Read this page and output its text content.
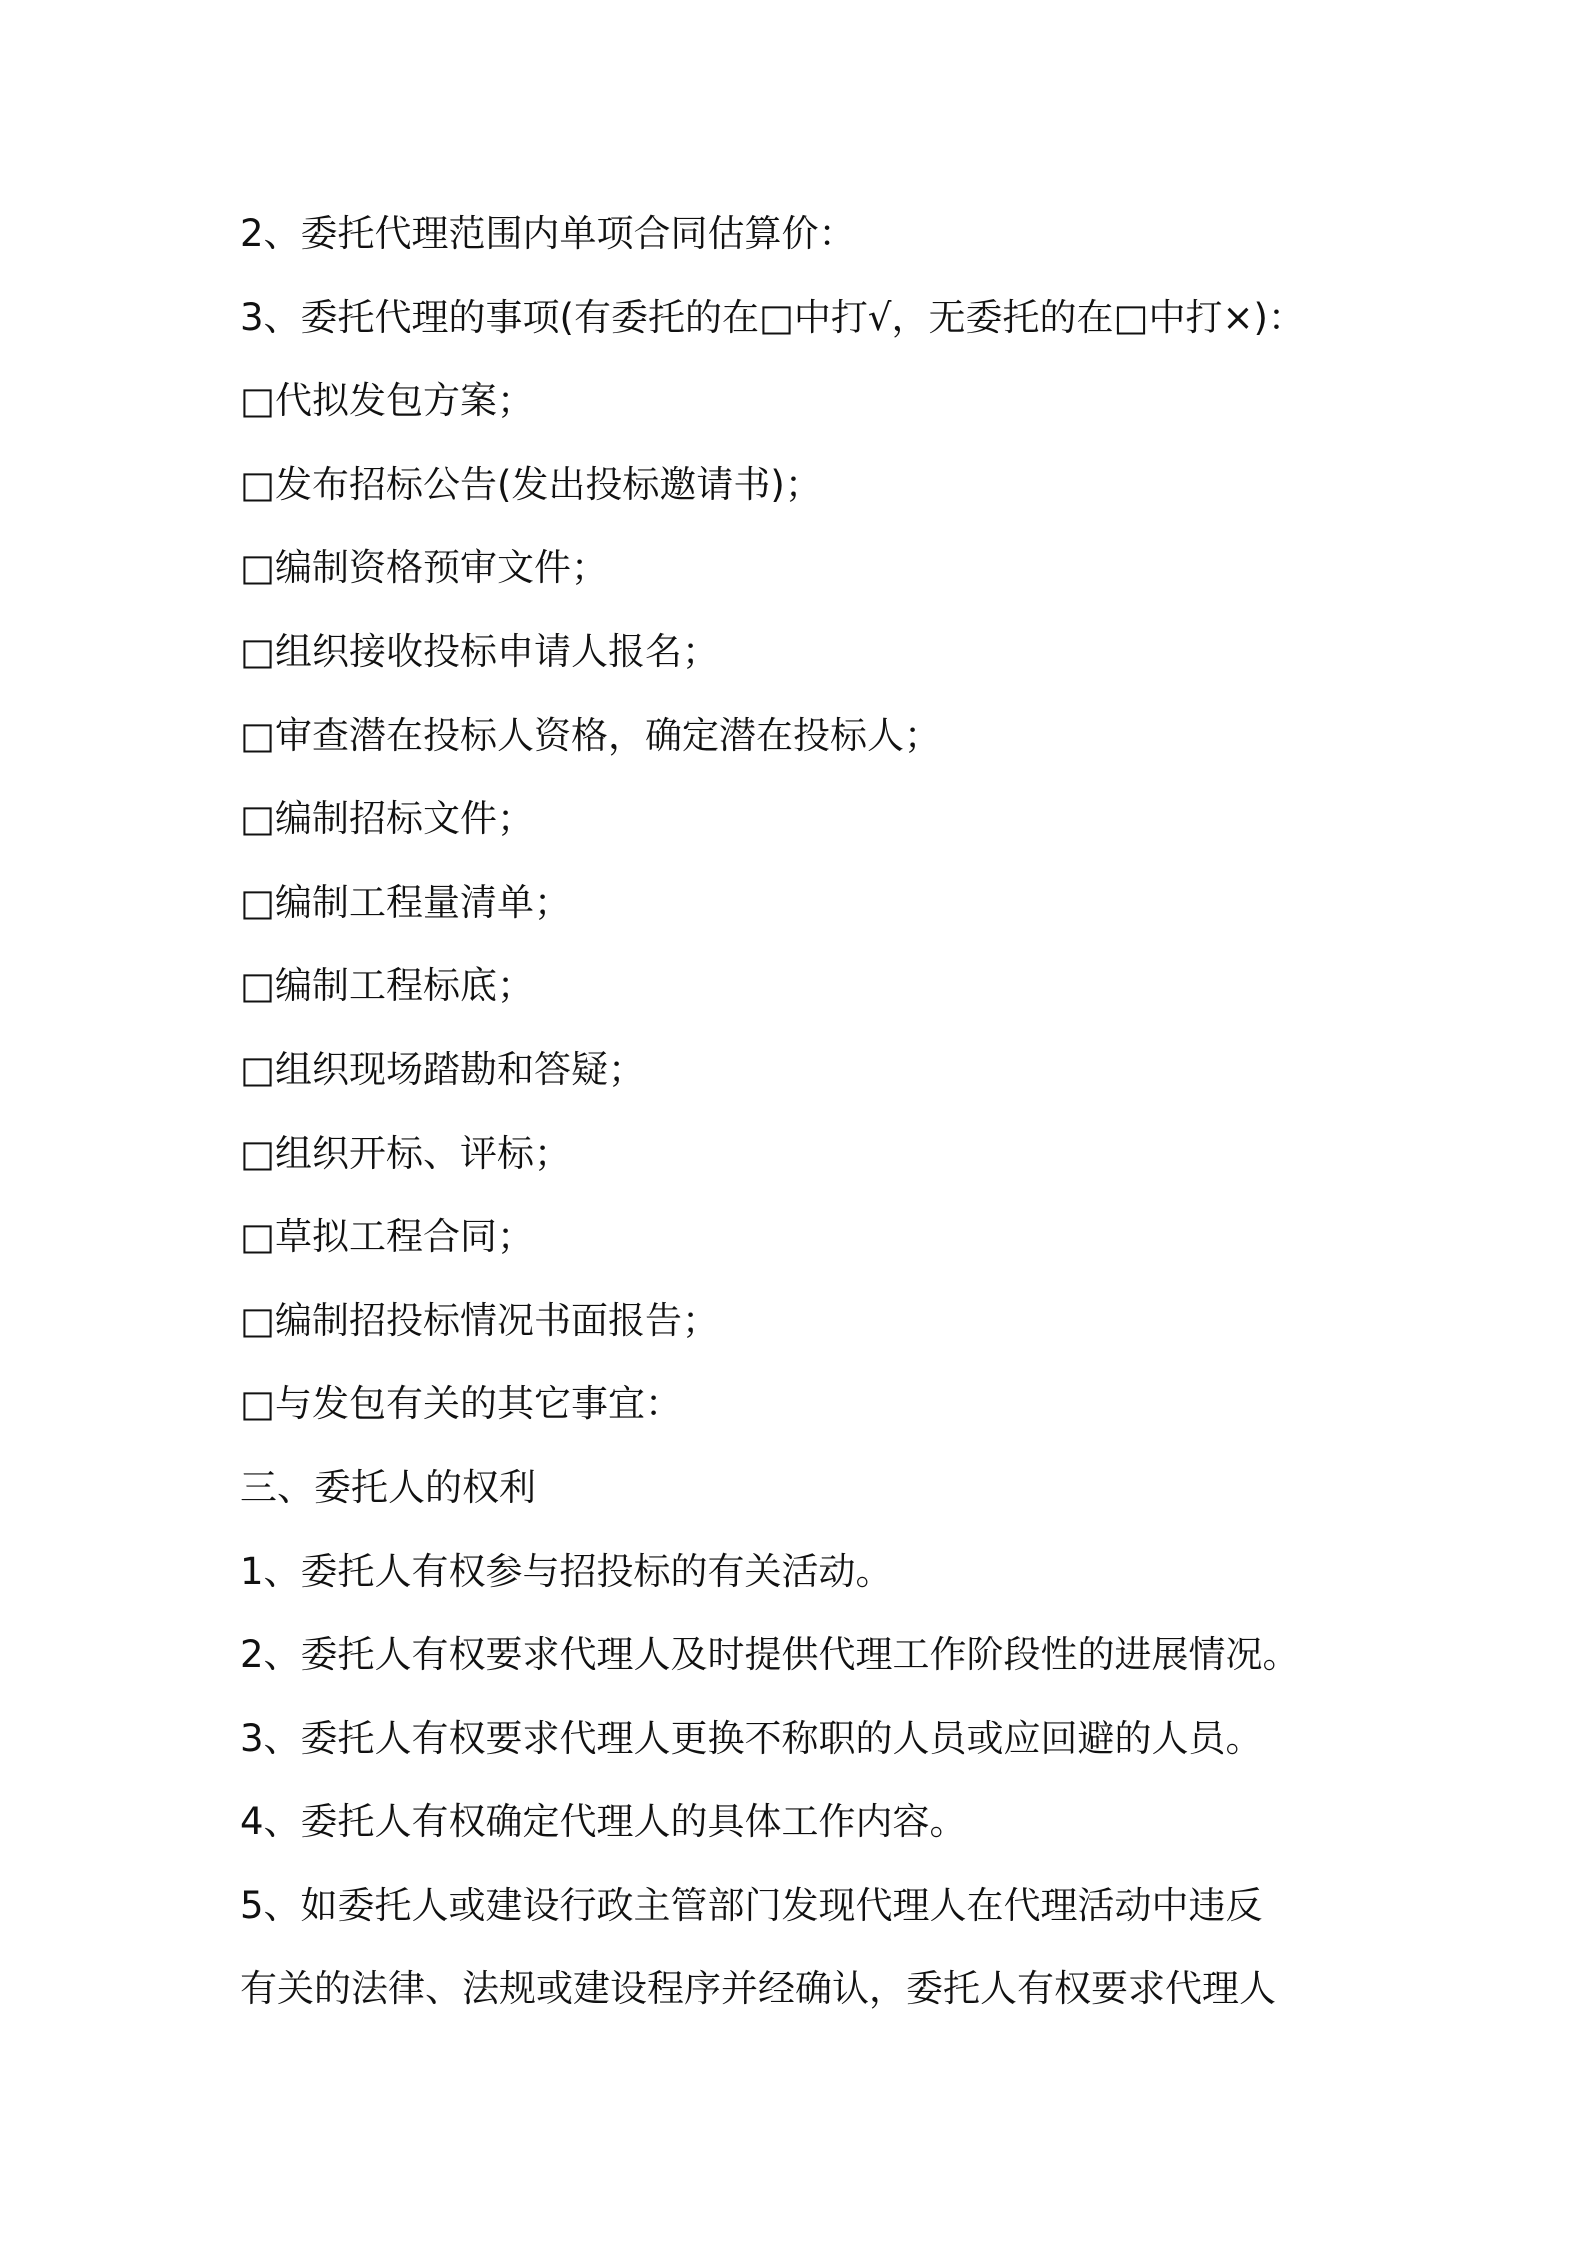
2、委托代理范围内单项合同估算价：
3、委托代理的事项(有委托的在□中打√，无委托的在□中打×)：
□代拟发包方案；
□发布招标公告(发出投标邀请书)；
□编制资格预审文件；
□组织接收投标申请人报名；
□审查潜在投标人资格，确定潜在投标人；
□编制招标文件；
□编制工程量清单；
□编制工程标底；
□组织现场踏勘和答疑；
□组织开标、评标；
□草拟工程合同；
□编制招投标情况书面报告；
□与发包有关的其它事宜：
三、委托人的权利
1、委托人有权参与招投标的有关活动。
2、委托人有权要求代理人及时提供代理工作阶段性的进展情况。
3、委托人有权要求代理人更换不称职的人员或应回避的人员。
4、委托人有权确定代理人的具体工作内容。
5、如委托人或建设行政主管部门发现代理人在代理活动中违反
有关的法律、法规或建设程序并经确认，委托人有权要求代理人
